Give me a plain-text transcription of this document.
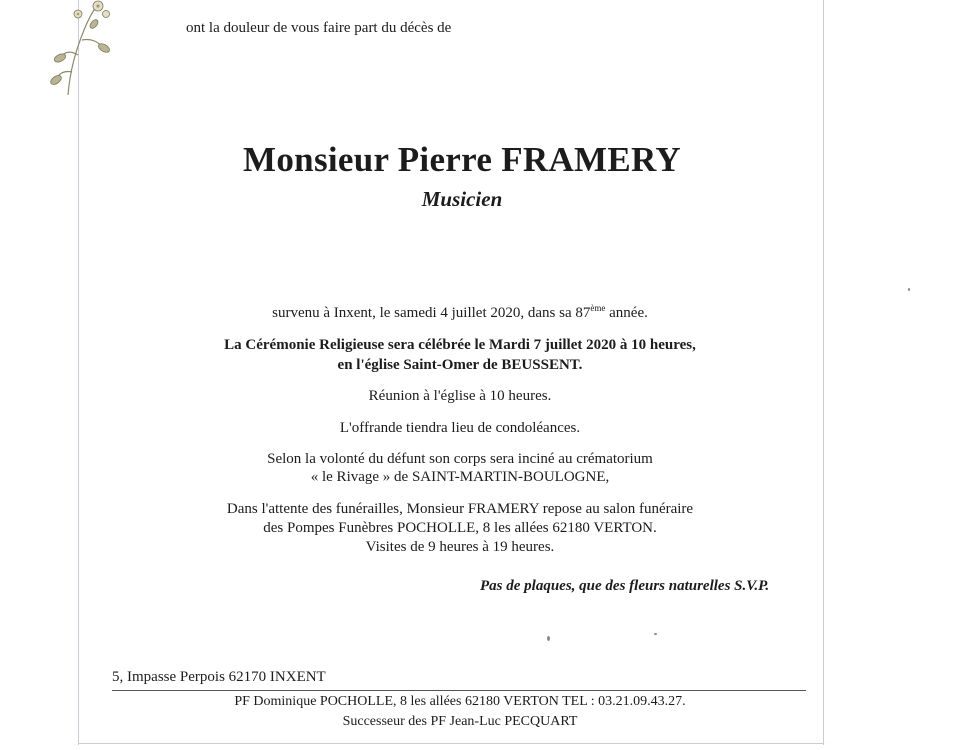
ont la douleur de vous faire part du décès de
Monsieur Pierre FRAMERY
Musicien
survenu à Inxent, le samedi 4 juillet 2020, dans sa 87ème année.
La Cérémonie Religieuse sera célébrée le Mardi 7 juillet 2020 à 10 heures,
en l'église Saint-Omer de BEUSSENT.
Réunion à l'église à 10 heures.
L'offrande tiendra lieu de condoléances.
Selon la volonté du défunt son corps sera inciné au crématorium
« le Rivage » de SAINT-MARTIN-BOULOGNE,
Dans l'attente des funérailles, Monsieur FRAMERY repose au salon funéraire
des Pompes Funèbres POCHOLLE, 8 les allées 62180 VERTON.
Visites de 9 heures à 19 heures.
Pas de plaques, que des fleurs naturelles S.V.P.
5, Impasse Perpois 62170 INXENT
PF Dominique POCHOLLE, 8 les allées 62180 VERTON TEL : 03.21.09.43.27.
Successeur des PF Jean-Luc PECQUART
